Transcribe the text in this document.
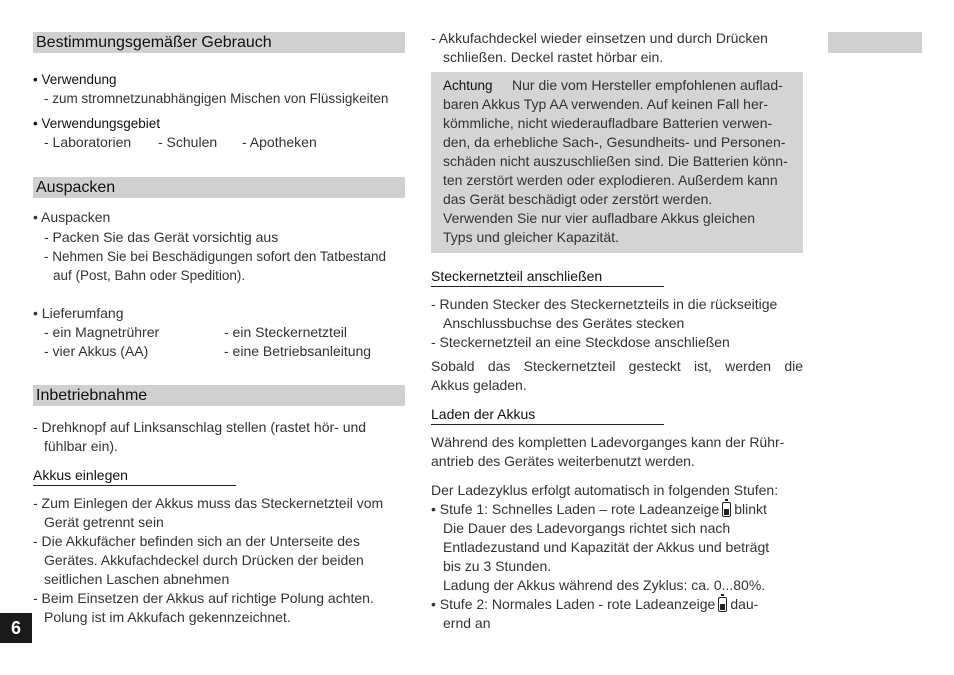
Bestimmungsgemäßer Gebrauch
• Verwendung
- zum stromnetzunabhängigen Mischen von Flüssigkeiten
• Verwendungsgebiet
- Laboratorien - Schulen - Apotheken
Auspacken
• Auspacken
- Packen Sie das Gerät vorsichtig aus
- Nehmen Sie bei Beschädigungen sofort den Tatbestand
auf (Post, Bahn oder Spedition).
• Lieferumfang
- ein Magnetrührer	- ein Steckernetzteil
- vier Akkus (AA)	- eine Betriebsanleitung
Inbetriebnahme
- Drehknopf auf Linksanschlag stellen (rastet hör- und
fühlbar ein).
Akkus einlegen
- Zum Einlegen der Akkus muss das Steckernetzteil vom
Gerät getrennt sein
- Die Akkufächer befinden sich an der Unterseite des
Gerätes. Akkufachdeckel durch Drücken der beiden
seitlichen Laschen abnehmen
- Beim Einsetzen der Akkus auf richtige Polung achten.
Polung ist im Akkufach gekennzeichnet.
6
- Akkufachdeckel wieder einsetzen und durch Drücken
schließen. Deckel rastet hörbar ein.
Achtung Nur die vom Hersteller empfohlenen auflad-
baren Akkus Typ AA verwenden. Auf keinen Fall her-
kömmliche, nicht wiederaufladbare Batterien verwen-
den, da erhebliche Sach-, Gesundheits- und Personen-
schäden nicht auszuschließen sind. Die Batterien könn-
ten zerstört werden oder explodieren. Außerdem kann
das Gerät beschädigt oder zerstört werden.
Verwenden Sie nur vier aufladbare Akkus gleichen
Typs und gleicher Kapazität.
Steckernetzteil anschließen
- Runden Stecker des Steckernetzteils in die rückseitige
Anschlussbuchse des Gerätes stecken
- Steckernetzteil an eine Steckdose anschließen
Sobald das Steckernetzteil gesteckt ist, werden die
Akkus geladen.
Laden der Akkus
Während des kompletten Ladevorganges kann der Rühr-
antrieb des Gerätes weiterbenutzt werden.
Der Ladezyklus erfolgt automatisch in folgenden Stufen:
• Stufe 1: Schnelles Laden – rote Ladeanzeige blinkt
Die Dauer des Ladevorgangs richtet sich nach
Entladezustand und Kapazität der Akkus und beträgt
bis zu 3 Stunden.
Ladung der Akkus während des Zyklus: ca. 0...80%.
• Stufe 2: Normales Laden - rote Ladeanzeige dau-
ernd an
